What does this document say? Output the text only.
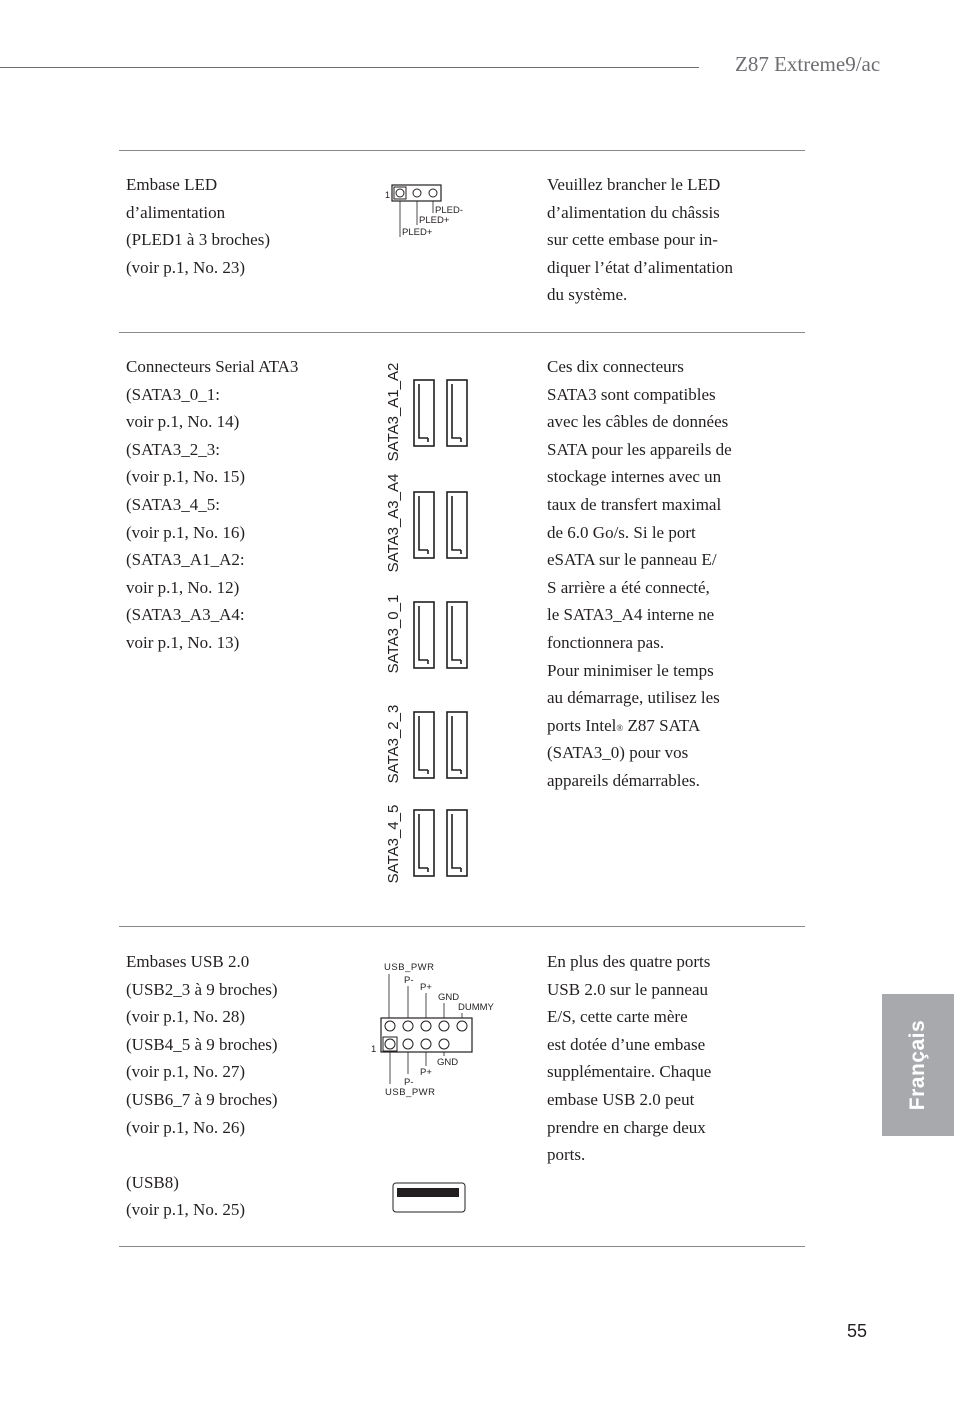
Z87 Extreme9/ac
Embase LED
d’alimentation
(PLED1 à 3 broches)
(voir p.1, No. 23)
1
PLED-
PLED+
PLED+
Veuillez brancher le LED
d’alimentation du châssis
sur cette embase pour in-
diquer l’état d’alimentation
du système.
Connecteurs Serial ATA3
(SATA3_0_1:
voir p.1, No. 14)
(SATA3_2_3:
(voir p.1, No. 15)
(SATA3_4_5:
(voir p.1, No. 16)
(SATA3_A1_A2:
voir p.1, No. 12)
(SATA3_A3_A4:
voir p.1, No. 13)
SATA3_A1_A2
SATA3_A3_A4
SATA3_0_1
SATA3_2_3
SATA3_4_5
Ces dix connecteurs
SATA3 sont compatibles
avec les câbles de données
SATA pour les appareils de
stockage internes avec un
taux de transfert maximal
de 6.0 Go/s. Si le port
eSATA sur le panneau E/
S arrière a été connecté,
le SATA3_A4 interne ne
fonctionnera pas.
Pour minimiser le temps
au démarrage, utilisez les
ports Intel® Z87 SATA
(SATA3_0) pour vos
appareils démarrables.
Embases USB 2.0
(USB2_3 à 9 broches)
(voir p.1, No. 28)
(USB4_5 à 9 broches)
(voir p.1, No. 27)
(USB6_7 à 9 broches)
(voir p.1, No. 26)
(USB8)
(voir p.1, No. 25)
USB_PWR
P-
P+
GND
DUMMY
1
GND
P+
P-
USB_PWR
En plus des quatre ports
USB 2.0 sur le panneau
E/S, cette carte mère
est dotée d’une embase
supplémentaire. Chaque
embase USB 2.0 peut
prendre en charge deux
ports.
Français
55
